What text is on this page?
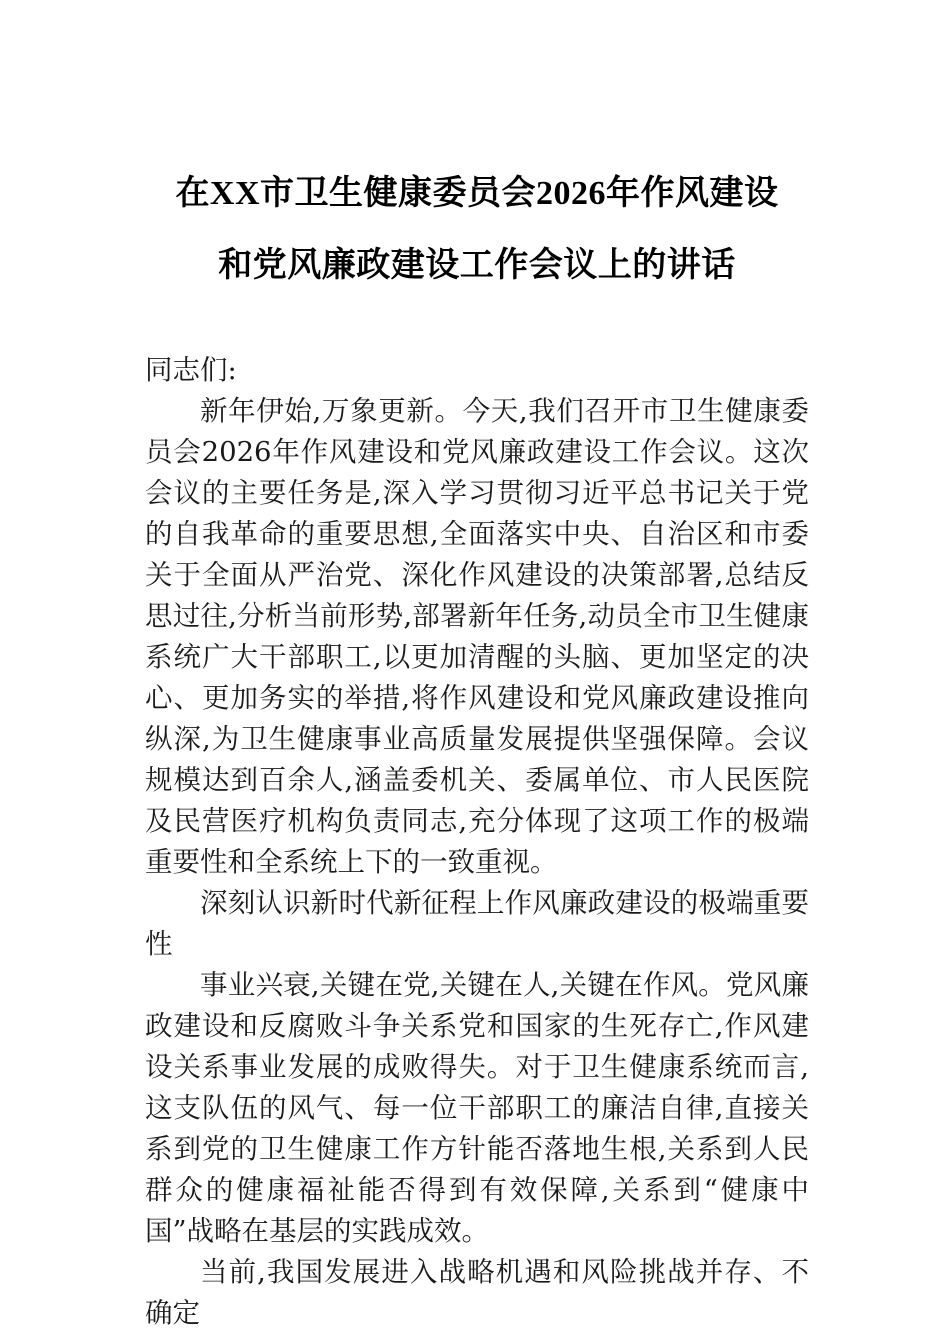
在XX市卫生健康委员会2026年作风建设
和党风廉政建设工作会议上的讲话

同志们:

新年伊始,万象更新。今天,我们召开市卫生健康委员会2026年作风建设和党风廉政建设工作会议。这次会议的主要任务是,深入学习贯彻习近平总书记关于党的自我革命的重要思想,全面落实中央、自治区和市委关于全面从严治党、深化作风建设的决策部署,总结反思过往,分析当前形势,部署新年任务,动员全市卫生健康系统广大干部职工,以更加清醒的头脑、更加坚定的决心、更加务实的举措,将作风建设和党风廉政建设推向纵深,为卫生健康事业高质量发展提供坚强保障。会议规模达到百余人,涵盖委机关、委属单位、市人民医院及民营医疗机构负责同志,充分体现了这项工作的极端重要性和全系统上下的一致重视。

深刻认识新时代新征程上作风廉政建设的极端重要性

事业兴衰,关键在党,关键在人,关键在作风。党风廉政建设和反腐败斗争关系党和国家的生死存亡,作风建设关系事业发展的成败得失。对于卫生健康系统而言,这支队伍的风气、每一位干部职工的廉洁自律,直接关系到党的卫生健康工作方针能否落地生根,关系到人民群众的健康福祉能否得到有效保障,关系到“健康中国”战略在基层的实践成效。

当前,我国发展进入战略机遇和风险挑战并存、不确定
